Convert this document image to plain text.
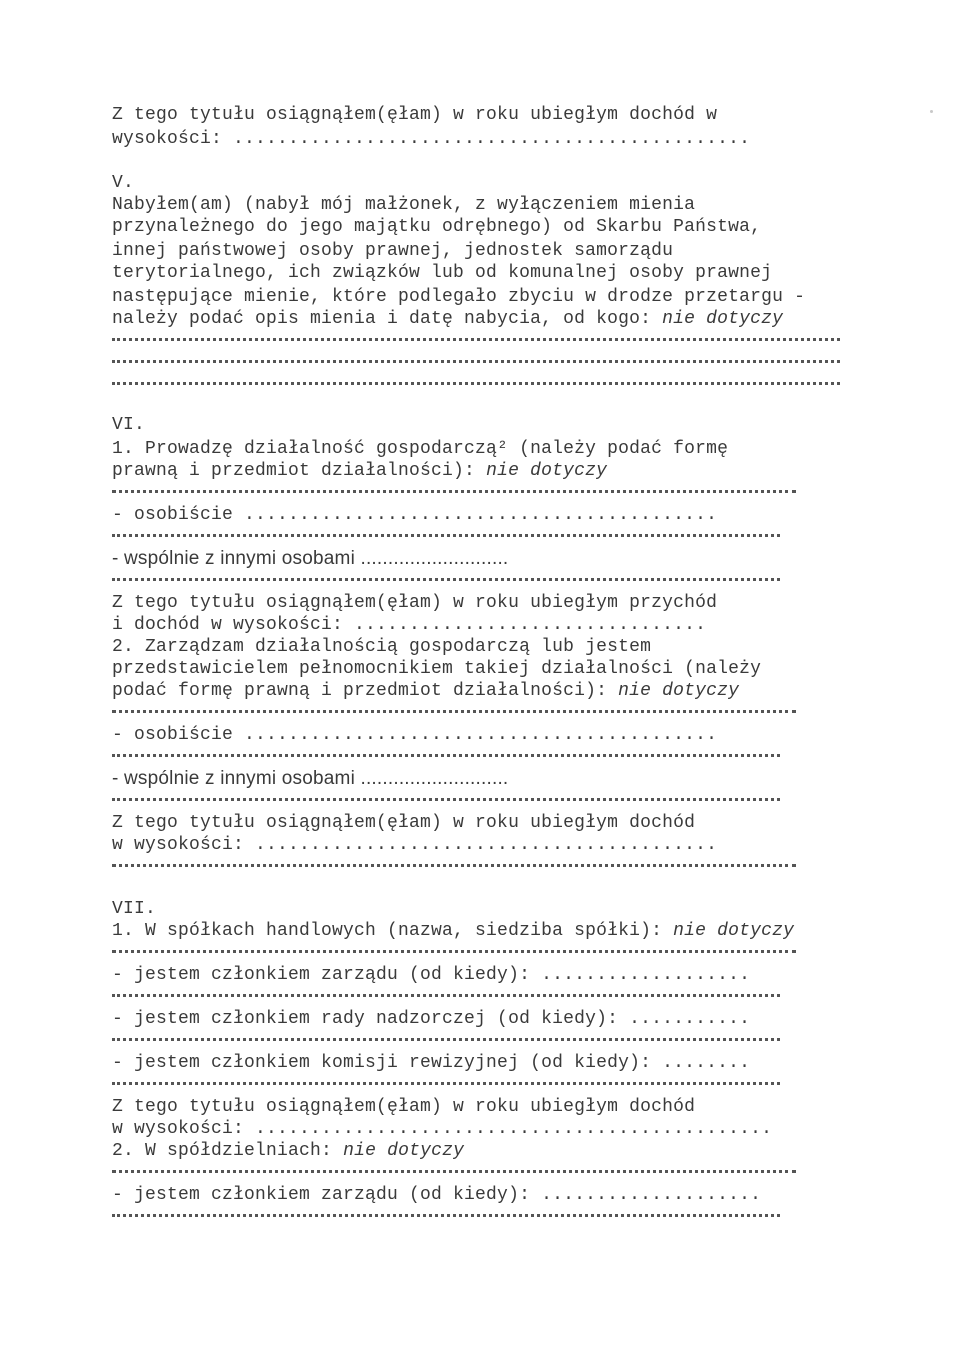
Z tego tytułu osiągnąłem(ęłam) w roku ubiegłym dochód w
wysokości: ...............................................
V.
Nabyłem(am) (nabył mój małżonek, z wyłączeniem mienia
przynależnego do jego majątku odrębnego) od Skarbu Państwa,
innej państwowej osoby prawnej, jednostek samorządu
terytorialnego, ich związków lub od komunalnej osoby prawnej
następujące mienie, które podlegało zbyciu w drodze przetargu -
należy podać opis mienia i datę nabycia, od kogo: nie dotyczy
VI.
1. Prowadzę działalność gospodarczą² (należy podać formę
prawną i przedmiot działalności): nie dotyczy
- osobiście ...........................................
- wspólnie z innymi osobami ...........................
Z tego tytułu osiągnąłem(ęłam) w roku ubiegłym przychód
i dochód w wysokości: ................................
2. Zarządzam działalnością gospodarczą lub jestem
przedstawicielem pełnomocnikiem takiej działalności (należy
podać formę prawną i przedmiot działalności): nie dotyczy
- osobiście ...........................................
- wspólnie z innymi osobami ...........................
Z tego tytułu osiągnąłem(ęłam) w roku ubiegłym dochód
w wysokości: ..........................................
VII.
1. W spółkach handlowych (nazwa, siedziba spółki): nie dotyczy
- jestem członkiem zarządu (od kiedy): ...................
- jestem członkiem rady nadzorczej (od kiedy): ...........
- jestem członkiem komisji rewizyjnej (od kiedy): ........
Z tego tytułu osiągnąłem(ęłam) w roku ubiegłym dochód
w wysokości: ...............................................
2. W spółdzielniach: nie dotyczy
- jestem członkiem zarządu (od kiedy): ....................
